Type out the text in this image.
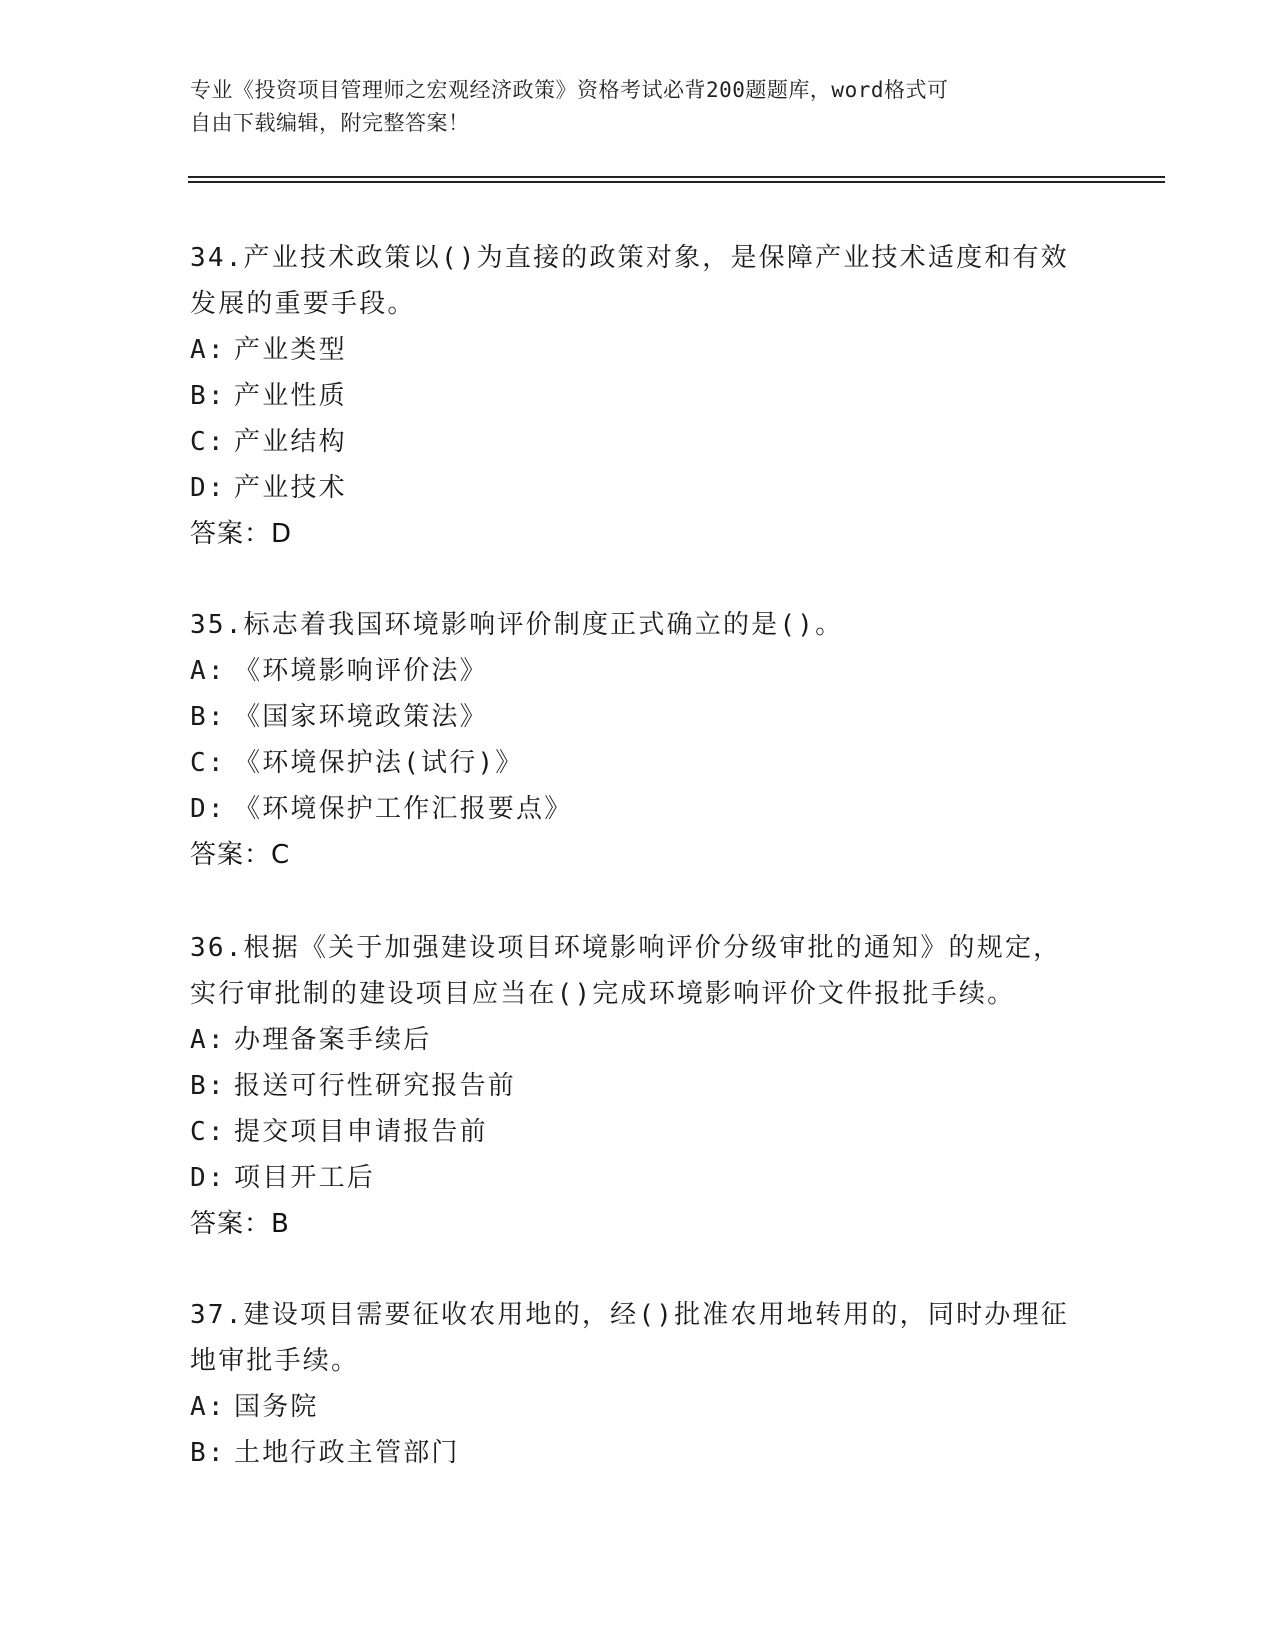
专业《投资项目管理师之宏观经济政策》资格考试必背200题题库，word格式可
自由下载编辑，附完整答案！
34.产业技术政策以()为直接的政策对象，是保障产业技术适度和有效
发展的重要手段。
A: 产业类型
B: 产业性质
C: 产业结构
D: 产业技术
答案：D
35.标志着我国环境影响评价制度正式确立的是()。
A: 《环境影响评价法》
B: 《国家环境政策法》
C: 《环境保护法(试行)》
D: 《环境保护工作汇报要点》
答案：C
36.根据《关于加强建设项目环境影响评价分级审批的通知》的规定，
实行审批制的建设项目应当在()完成环境影响评价文件报批手续。
A: 办理备案手续后
B: 报送可行性研究报告前
C: 提交项目申请报告前
D: 项目开工后
答案：B
37.建设项目需要征收农用地的，经()批准农用地转用的，同时办理征
地审批手续。
A: 国务院
B: 土地行政主管部门
